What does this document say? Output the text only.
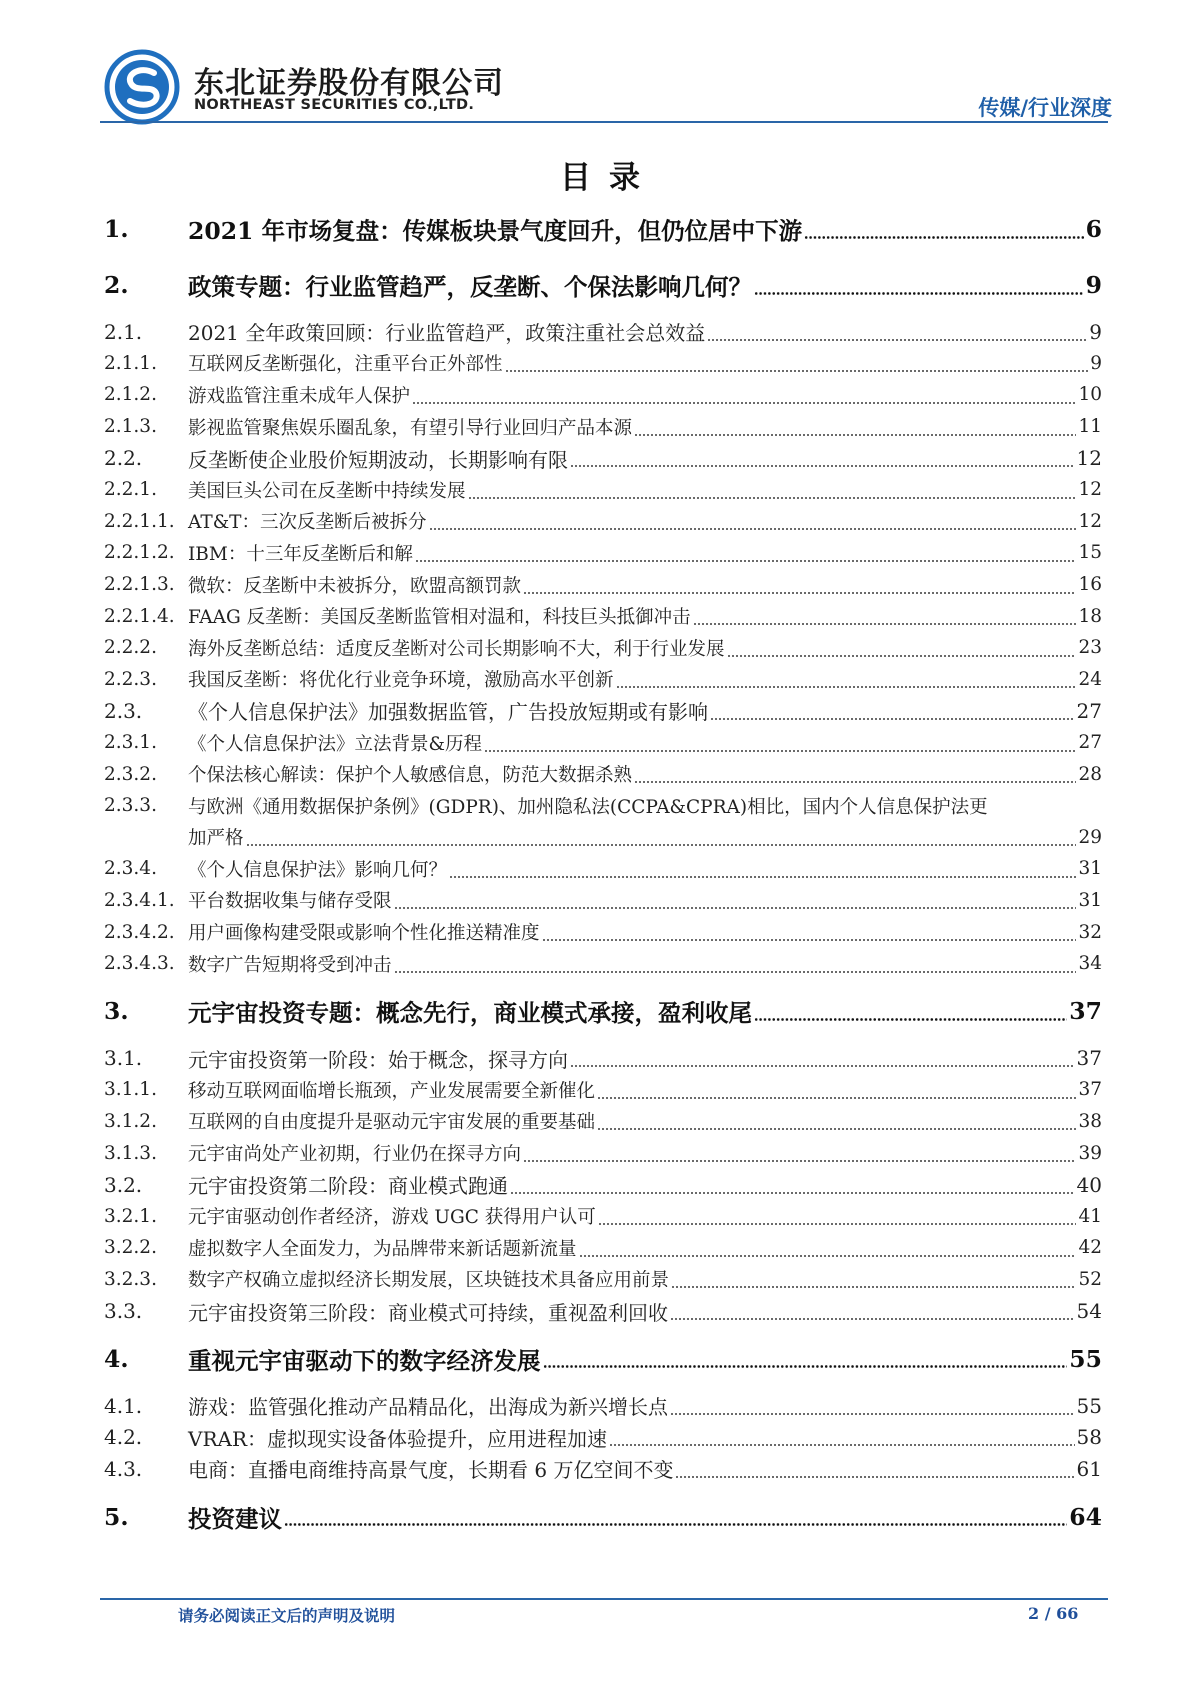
东北证券股份有限公司
NORTHEAST SECURITIES CO.,LTD.	传媒/行业深度
目录
1.	2021 年市场复盘：传媒板块景气度回升，但仍位居中下游	6
2.	政策专题：行业监管趋严，反垄断、个保法影响几何？	9
2.1.	2021 全年政策回顾：行业监管趋严，政策注重社会总效益	9
2.1.1.	互联网反垄断强化，注重平台正外部性	9
2.1.2.	游戏监管注重未成年人保护	10
2.1.3.	影视监管聚焦娱乐圈乱象，有望引导行业回归产品本源	11
2.2.	反垄断使企业股价短期波动，长期影响有限	12
2.2.1.	美国巨头公司在反垄断中持续发展	12
2.2.1.1. AT&T：三次反垄断后被拆分	12
2.2.1.2. IBM：十三年反垄断后和解	15
2.2.1.3. 微软：反垄断中未被拆分，欧盟高额罚款	16
2.2.1.4. FAAG 反垄断：美国反垄断监管相对温和，科技巨头抵御冲击	18
2.2.2.	海外反垄断总结：适度反垄断对公司长期影响不大，利于行业发展	23
2.2.3.	我国反垄断：将优化行业竞争环境，激励高水平创新	24
2.3.	《个人信息保护法》加强数据监管，广告投放短期或有影响	27
2.3.1.	《个人信息保护法》立法背景&历程	27
2.3.2.	个保法核心解读：保护个人敏感信息，防范大数据杀熟	28
2.3.3.	与欧洲《通用数据保护条例》(GDPR)、加州隐私法(CCPA&CPRA)相比，国内个人信息保护法更
加严格	29
2.3.4.	《个人信息保护法》影响几何？	31
2.3.4.1. 平台数据收集与储存受限	31
2.3.4.2. 用户画像构建受限或影响个性化推送精准度	32
2.3.4.3. 数字广告短期将受到冲击	34
3.	元宇宙投资专题：概念先行，商业模式承接，盈利收尾	37
3.1.	元宇宙投资第一阶段：始于概念，探寻方向	37
3.1.1.	移动互联网面临增长瓶颈，产业发展需要全新催化	37
3.1.2.	互联网的自由度提升是驱动元宇宙发展的重要基础	38
3.1.3.	元宇宙尚处产业初期，行业仍在探寻方向	39
3.2.	元宇宙投资第二阶段：商业模式跑通	40
3.2.1.	元宇宙驱动创作者经济，游戏 UGC 获得用户认可	41
3.2.2.	虚拟数字人全面发力，为品牌带来新话题新流量	42
3.2.3.	数字产权确立虚拟经济长期发展，区块链技术具备应用前景	52
3.3.	元宇宙投资第三阶段：商业模式可持续，重视盈利回收	54
4.	重视元宇宙驱动下的数字经济发展	55
4.1.	游戏：监管强化推动产品精品化，出海成为新兴增长点	55
4.2.	VRAR：虚拟现实设备体验提升，应用进程加速	58
4.3.	电商：直播电商维持高景气度，长期看 6 万亿空间不变	61
5.	投资建议	64
请务必阅读正文后的声明及说明	2 / 66
